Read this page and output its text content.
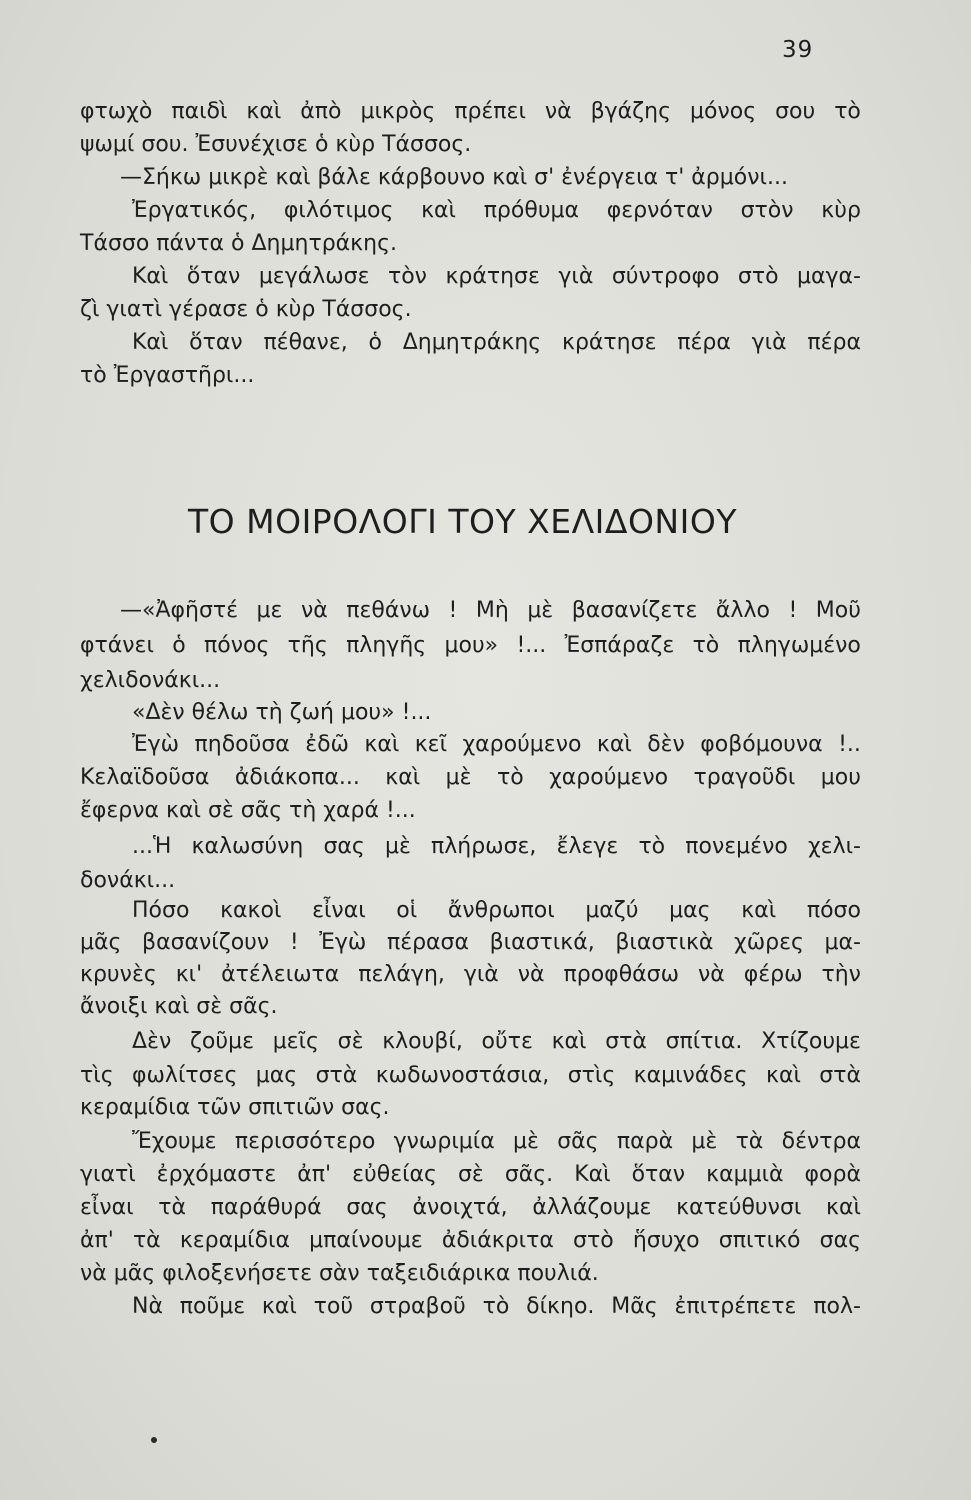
39
φτωχὸ παιδὶ καὶ ἀπὸ μικρὸς πρέπει νὰ βγάζης μόνος σου τὸ
ψωμί σου. Ἐσυνέχισε ὁ κὺρ Τάσσος.
—Σήκω μικρὲ καὶ βάλε κάρβουνο καὶ σ' ἐνέργεια τ' ἀρμόνι...
Ἐργατικός, φιλότιμος καὶ πρόθυμα φερνόταν στὸν κὺρ
Τάσσο πάντα ὁ Δημητράκης.
Καὶ ὅταν μεγάλωσε τὸν κράτησε γιὰ σύντροφο στὸ μαγα-
ζὶ γιατὶ γέρασε ὁ κὺρ Τάσσος.
Καὶ ὅταν πέθανε, ὁ Δημητράκης κράτησε πέρα γιὰ πέρα
τὸ Ἐργαστῆρι...
ΤΟ ΜΟΙΡΟΛΟΓΙ ΤΟΥ ΧΕΛΙΔΟΝΙΟΥ
—«Ἀφῆστέ με νὰ πεθάνω ! Μὴ μὲ βασανίζετε ἄλλο ! Μοῦ
φτάνει ὁ πόνος τῆς πληγῆς μου» !... Ἐσπάραζε τὸ πληγωμένο
χελιδονάκι...
«Δὲν θέλω τὴ ζωή μου» !...
Ἐγὼ πηδοῦσα ἐδῶ καὶ κεῖ χαρούμενο καὶ δὲν φοβόμουνα !..
Κελαϊδοῦσα ἀδιάκοπα... καὶ μὲ τὸ χαρούμενο τραγοῦδι μου
ἔφερνα καὶ σὲ σᾶς τὴ χαρά !...
...Ἡ καλωσύνη σας μὲ πλήρωσε, ἔλεγε τὸ πονεμένο χελι-
δονάκι...
Πόσο κακοὶ εἶναι οἱ ἄνθρωποι μαζύ μας καὶ πόσο
μᾶς βασανίζουν ! Ἐγὼ πέρασα βιαστικά, βιαστικὰ χῶρες μα-
κρυνὲς κι' ἀτέλειωτα πελάγη, γιὰ νὰ προφθάσω νὰ φέρω τὴν
ἄνοιξι καὶ σὲ σᾶς.
Δὲν ζοῦμε μεῖς σὲ κλουβί, οὔτε καὶ στὰ σπίτια. Χτίζουμε
τὶς φωλίτσες μας στὰ κωδωνοστάσια, στὶς καμινάδες καὶ στὰ
κεραμίδια τῶν σπιτιῶν σας.
Ἔχουμε περισσότερο γνωριμία μὲ σᾶς παρὰ μὲ τὰ δέντρα
γιατὶ ἐρχόμαστε ἀπ' εὐθείας σὲ σᾶς. Καὶ ὅταν καμμιὰ φορὰ
εἶναι τὰ παράθυρά σας ἀνοιχτά, ἀλλάζουμε κατεύθυνσι καὶ
ἀπ' τὰ κεραμίδια μπαίνουμε ἀδιάκριτα στὸ ἥσυχο σπιτικό σας
νὰ μᾶς φιλοξενήσετε σὰν ταξειδιάρικα πουλιά.
Νὰ ποῦμε καὶ τοῦ στραβοῦ τὸ δίκηο. Μᾶς ἐπιτρέπετε πολ-
